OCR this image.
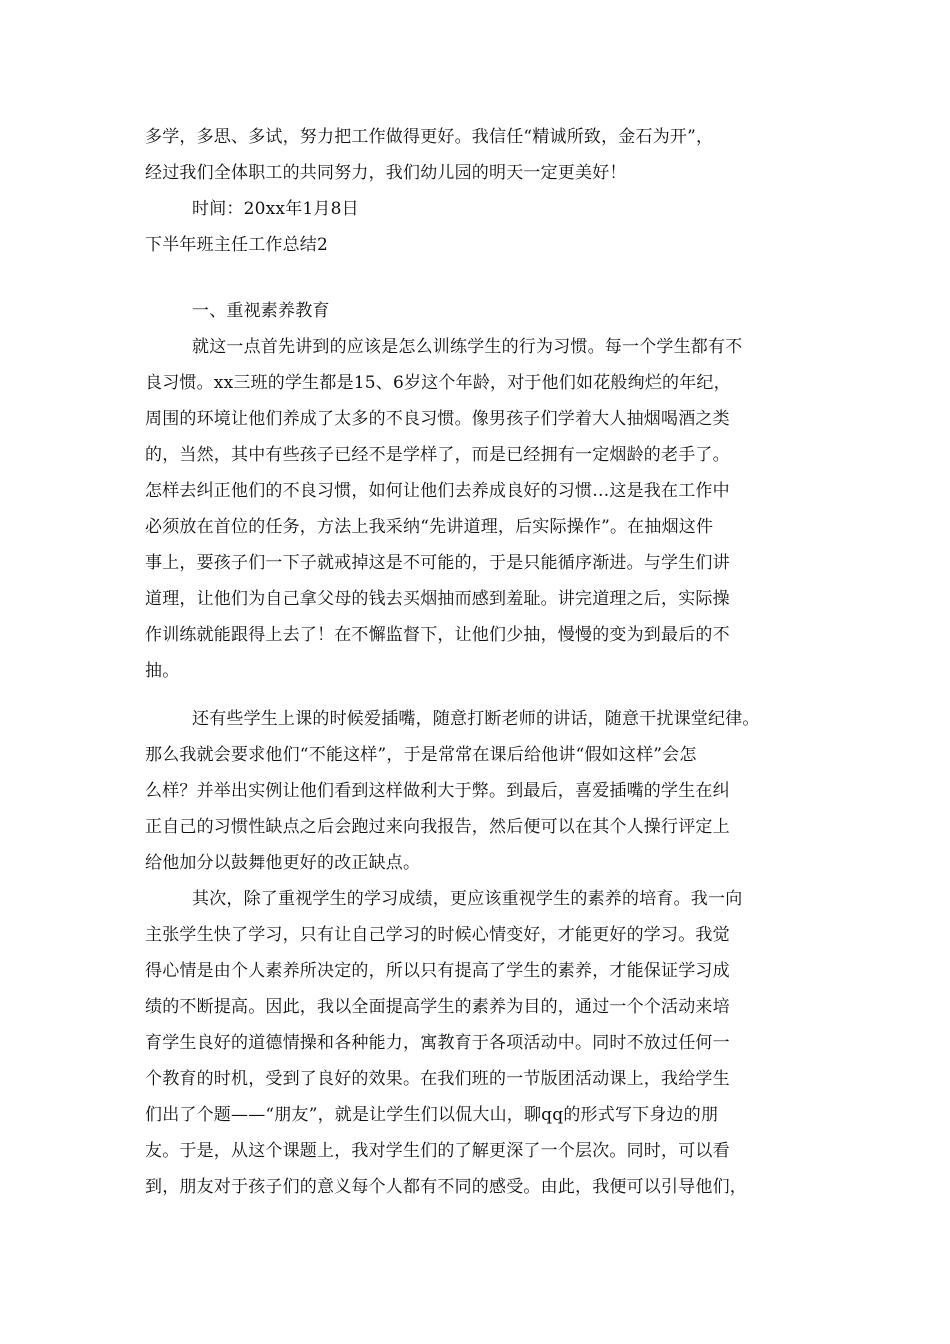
多学，多思、多试，努力把工作做得更好。我信任“精诚所致，金石为开”，
经过我们全体职工的共同努力，我们幼儿园的明天一定更美好！
时间：20xx年1月8日
下半年班主任工作总结2
一、重视素养教育
就这一点首先讲到的应该是怎么训练学生的行为习惯。每一个学生都有不
良习惯。xx三班的学生都是15、6岁这个年龄，对于他们如花般绚烂的年纪，
周围的环境让他们养成了太多的不良习惯。像男孩子们学着大人抽烟喝酒之类
的，当然，其中有些孩子已经不是学样了，而是已经拥有一定烟龄的老手了。
怎样去纠正他们的不良习惯，如何让他们去养成良好的习惯…这是我在工作中
必须放在首位的任务，方法上我采纳“先讲道理，后实际操作”。在抽烟这件
事上，要孩子们一下子就戒掉这是不可能的，于是只能循序渐进。与学生们讲
道理，让他们为自己拿父母的钱去买烟抽而感到羞耻。讲完道理之后，实际操
作训练就能跟得上去了！在不懈监督下，让他们少抽，慢慢的变为到最后的不
抽。
还有些学生上课的时候爱插嘴，随意打断老师的讲话，随意干扰课堂纪律。
那么我就会要求他们“不能这样”，于是常常在课后给他讲“假如这样”会怎
么样？并举出实例让他们看到这样做利大于弊。到最后，喜爱插嘴的学生在纠
正自己的习惯性缺点之后会跑过来向我报告，然后便可以在其个人操行评定上
给他加分以鼓舞他更好的改正缺点。
其次，除了重视学生的学习成绩，更应该重视学生的素养的培育。我一向
主张学生快了学习，只有让自己学习的时候心情变好，才能更好的学习。我觉
得心情是由个人素养所决定的，所以只有提高了学生的素养，才能保证学习成
绩的不断提高。因此，我以全面提高学生的素养为目的，通过一个个活动来培
育学生良好的道德情操和各种能力，寓教育于各项活动中。同时不放过任何一
个教育的时机，受到了良好的效果。在我们班的一节版团活动课上，我给学生
们出了个题——“朋友”，就是让学生们以侃大山，聊qq的形式写下身边的朋
友。于是，从这个课题上，我对学生们的了解更深了一个层次。同时，可以看
到，朋友对于孩子们的意义每个人都有不同的感受。由此，我便可以引导他们，
